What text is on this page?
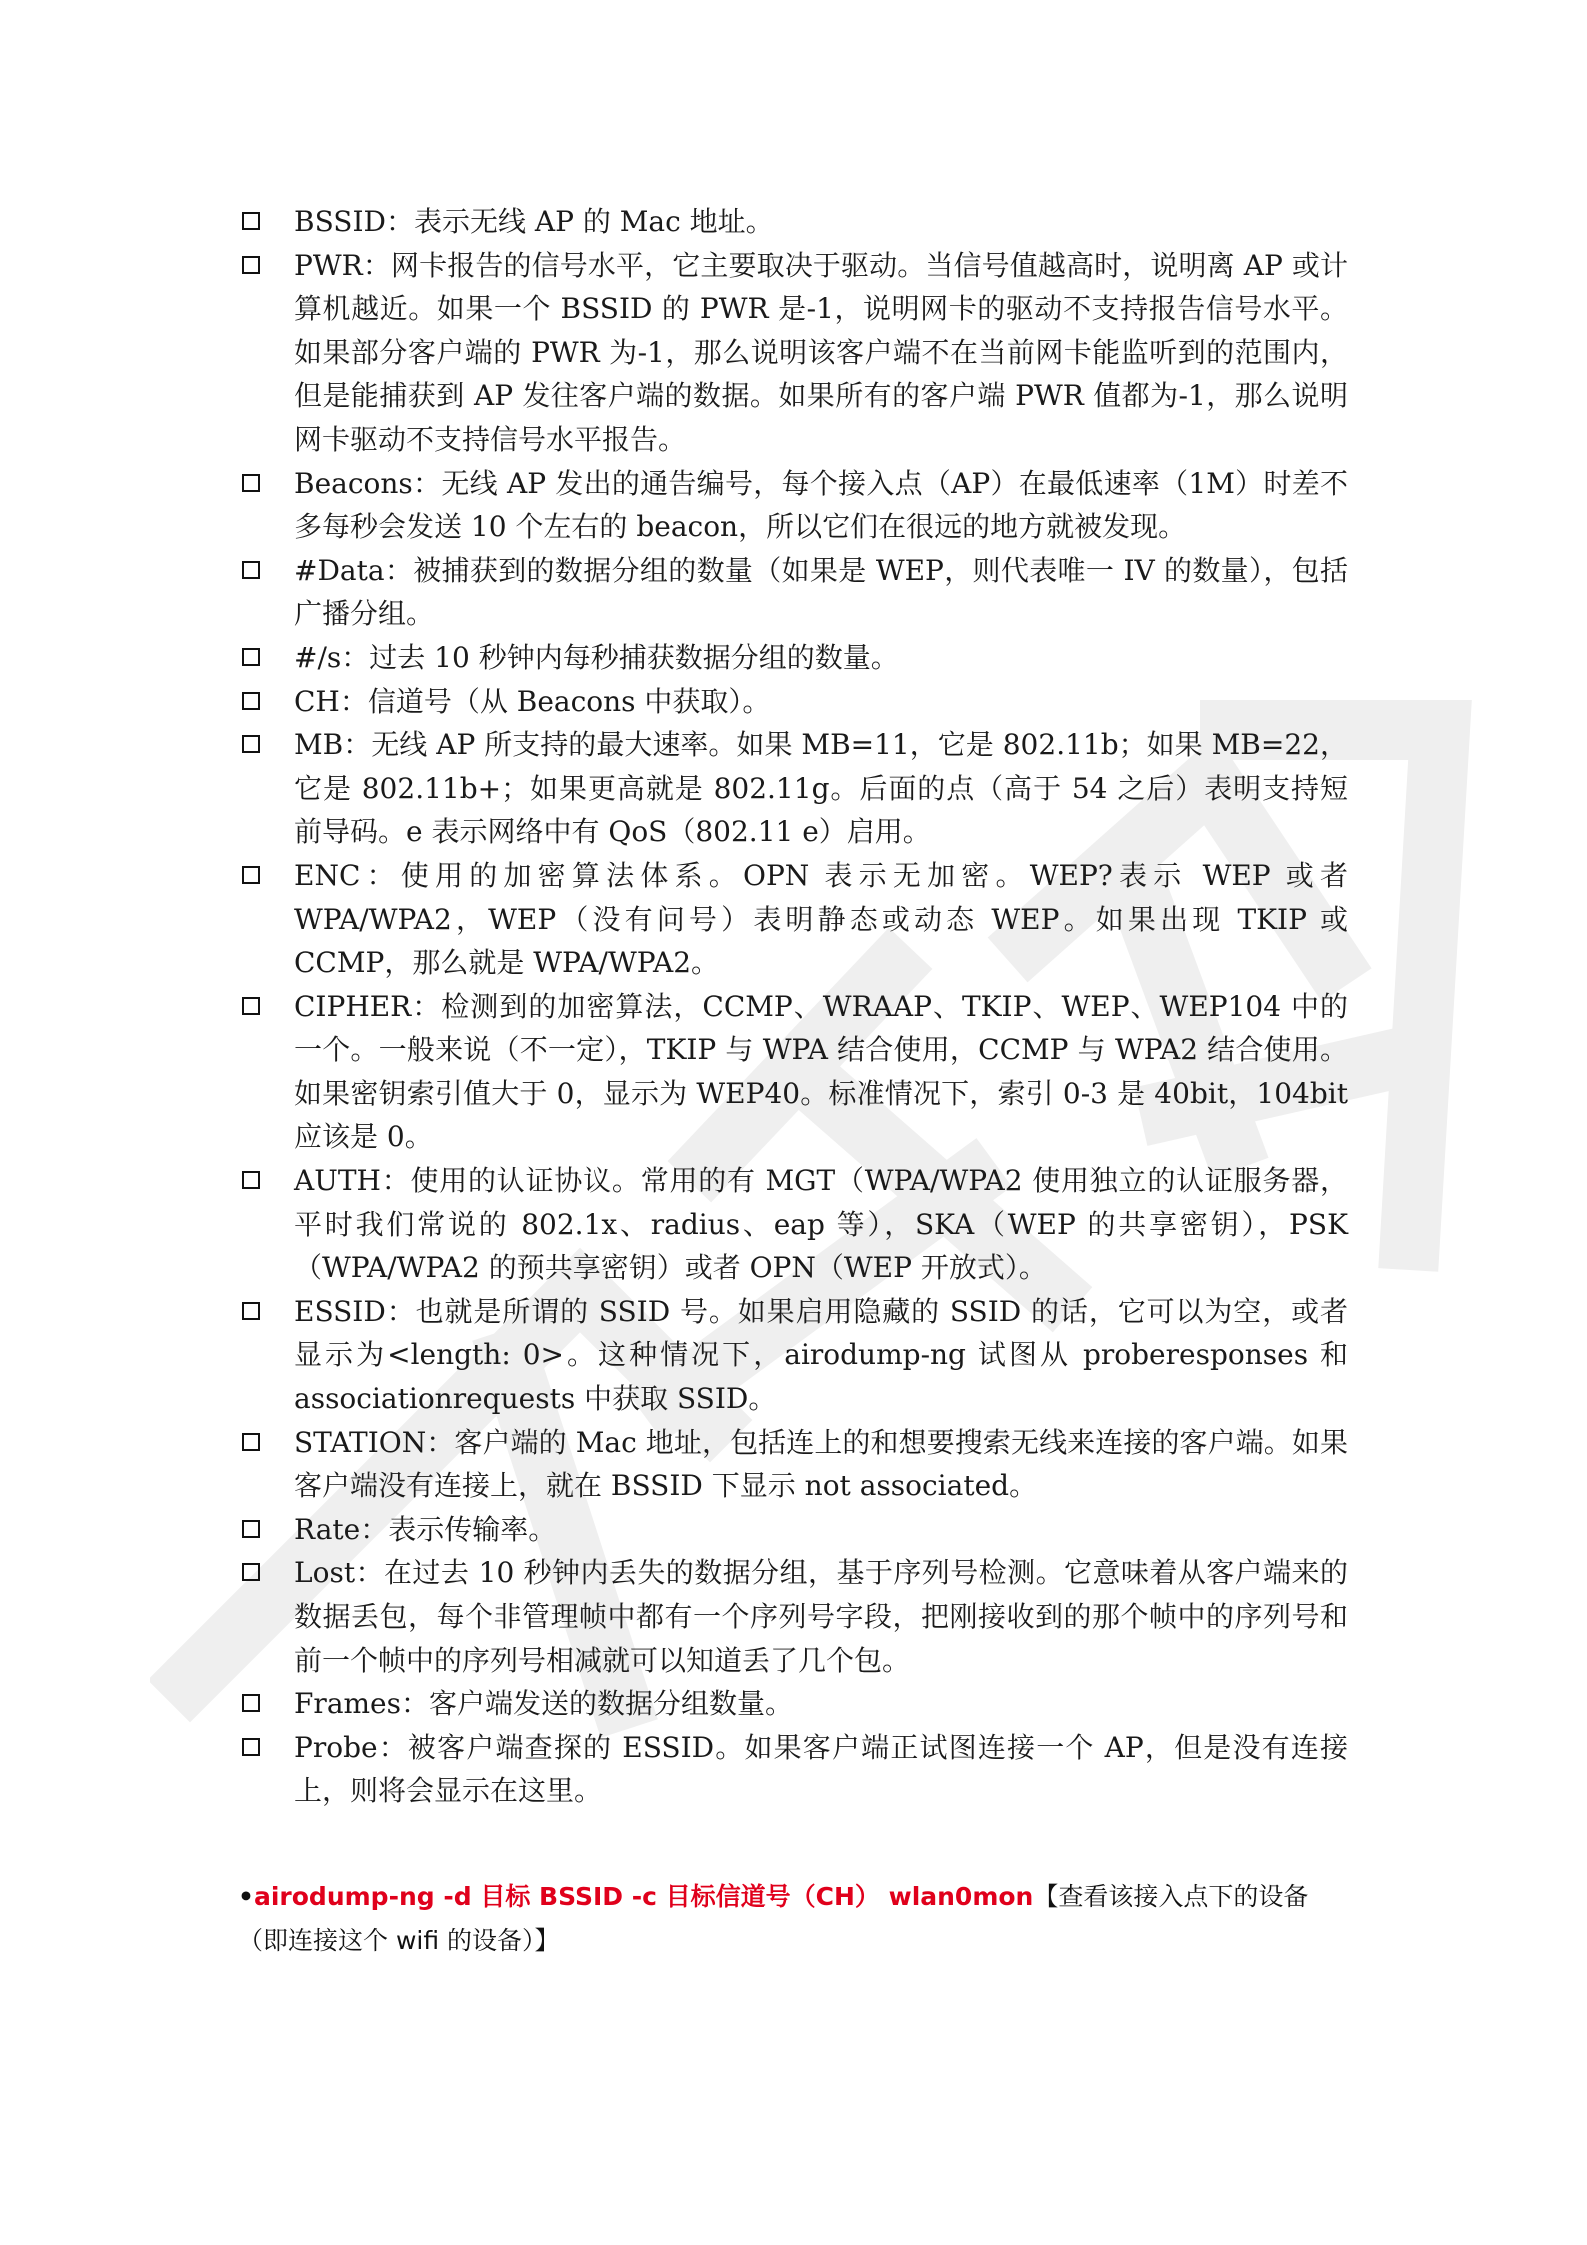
BSSID：表示无线 AP 的 Mac 地址。
PWR：网卡报告的信号水平，它主要取决于驱动。当信号值越高时，说明离 AP 或计算机越近。如果一个 BSSID 的 PWR 是-1，说明网卡的驱动不支持报告信号水平。如果部分客户端的 PWR 为-1，那么说明该客户端不在当前网卡能监听到的范围内，但是能捕获到 AP 发往客户端的数据。如果所有的客户端 PWR 值都为-1，那么说明网卡驱动不支持信号水平报告。
Beacons：无线 AP 发出的通告编号，每个接入点（AP）在最低速率（1M）时差不多每秒会发送 10 个左右的 beacon，所以它们在很远的地方就被发现。
#Data：被捕获到的数据分组的数量（如果是 WEP，则代表唯一 IV 的数量），包括广播分组。
#/s：过去 10 秒钟内每秒捕获数据分组的数量。
CH：信道号（从 Beacons 中获取）。
MB：无线 AP 所支持的最大速率。如果 MB=11，它是 802.11b；如果 MB=22，它是 802.11b+；如果更高就是 802.11g。后面的点（高于 54 之后）表明支持短前导码。e 表示网络中有 QoS（802.11 e）启用。
ENC：使用的加密算法体系。OPN 表示无加密。WEP?表示 WEP 或者 WPA/WPA2，WEP（没有问号）表明静态或动态 WEP。如果出现 TKIP 或 CCMP，那么就是 WPA/WPA2。
CIPHER：检测到的加密算法，CCMP、WRAAP、TKIP、WEP、WEP104 中的一个。一般来说（不一定），TKIP 与 WPA 结合使用，CCMP 与 WPA2 结合使用。如果密钥索引值大于 0，显示为 WEP40。标准情况下，索引 0-3 是 40bit，104bit 应该是 0。
AUTH：使用的认证协议。常用的有 MGT（WPA/WPA2 使用独立的认证服务器，平时我们常说的 802.1x、radius、eap 等），SKA（WEP 的共享密钥），PSK（WPA/WPA2 的预共享密钥）或者 OPN（WEP 开放式）。
ESSID：也就是所谓的 SSID 号。如果启用隐藏的 SSID 的话，它可以为空，或者显示为<length: 0>。这种情况下，airodump-ng 试图从 proberesponses 和 associationrequests 中获取 SSID。
STATION：客户端的 Mac 地址，包括连上的和想要搜索无线来连接的客户端。如果客户端没有连接上，就在 BSSID 下显示 not associated。
Rate：表示传输率。
Lost：在过去 10 秒钟内丢失的数据分组，基于序列号检测。它意味着从客户端来的数据丢包，每个非管理帧中都有一个序列号字段，把刚接收到的那个帧中的序列号和前一个帧中的序列号相减就可以知道丢了几个包。
Frames：客户端发送的数据分组数量。
Probe：被客户端查探的 ESSID。如果客户端正试图连接一个 AP，但是没有连接上，则将会显示在这里。
•airodump-ng -d 目标 BSSID -c 目标信道号（CH） wlan0mon【查看该接入点下的设备（即连接这个 wifi 的设备）】
